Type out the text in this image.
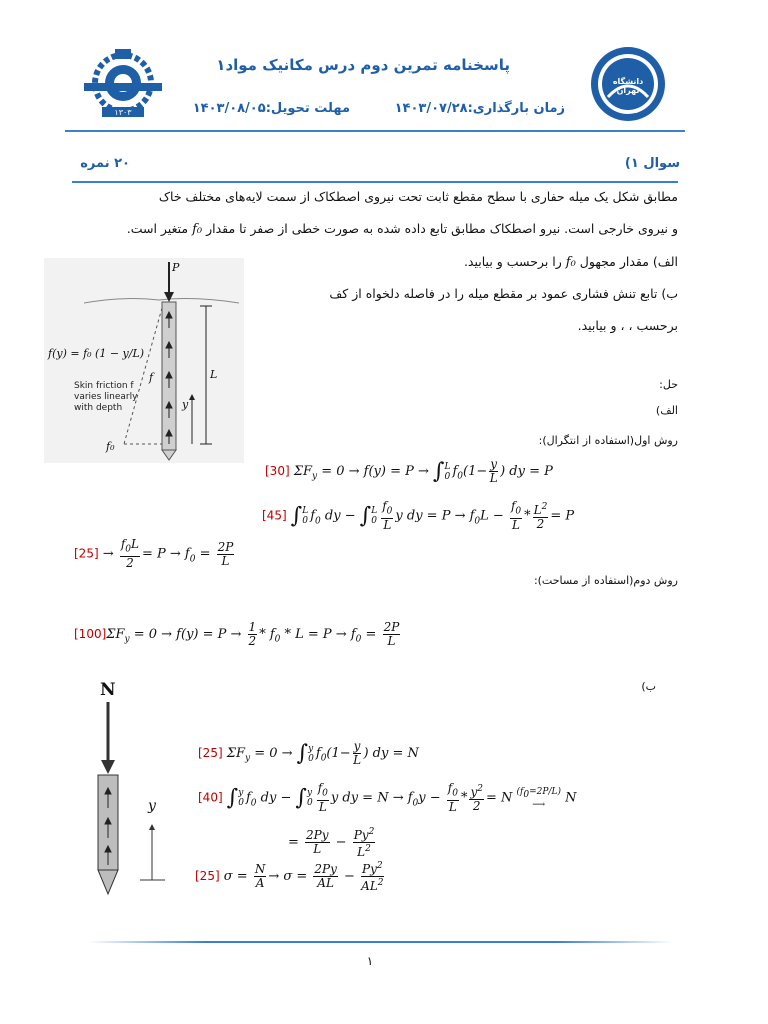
۱۳۰۳
دانشگاه تهران
پاسخنامه تمرین دوم درس مکانیک مواد۱
زمان بارگذاری:۱۴۰۳/۰۷/۲۸
مهلت تحویل:۱۴۰۳/۰۸/۰۵
سوال ۱)
۲۰ نمره
مطابق شکل یک میله حفاری با سطح مقطع ثابت تحت نیروی اصطکاک از سمت لایه‌های مختلف خاک
و نیروی خارجی است. نیرو اصطکاک مطابق تابع داده شده به صورت خطی از صفر تا مقدار f₀ متغیر است.
الف) مقدار مجهول f₀ را برحسب و بیابید.
ب) تابع تنش فشاری عمود بر مقطع میله را در فاصله دلخواه از کف
برحسب ، ، و بیابید.
P
f(y) = f₀ (1 − y/L)
Skin friction f
varies linearly
with depth
f	L
y
f₀
حل:
الف)
روش اول(استفاده از انتگرال):
[30] $\Sigma F_y = 0 \to f(y) = P \to \int L$
0 $f_0(1- \frac{y}{L}$ ) dy = P
[45] ∫L
0 $f_0$ dy − ∫L
$0 \frac{f_0}{L}$ y dy = $P \to f_0L - \frac{f_0}{L} * \frac{L^2}{2} = P$
$[25] \to \frac{f_0L}{2} = P \to f_0 = \frac{2P}{L}$
روش دوم(استفاده از مساحت):
$[100]\Sigma F_y = 0 \to f(y) = P \to \frac{1}{2} * f_0 * L = P \to f_0 = \frac{2P}{L}$
ب)
N
y
[25] $\Sigma F_y = 0 \to \int y$
0 $f_0(1- \frac{y}{L}$ ) dy = N
[40] ∫y
0 $f_0$ dy − ∫y
$0 \frac{f_0}{L}$ y dy = $N \to f_0y - \frac{f_0}{L} * \frac{y^2}{2} = N$ $(f_0=2P/L)$
⟶ N
= $\frac{2Py}{L} - \frac{Py^2}{L^2}$
[25] $\sigma = \frac{N}{A} \to \sigma = \frac{2Py}{AL} - \frac{Py^2}{AL^2}$
۱
